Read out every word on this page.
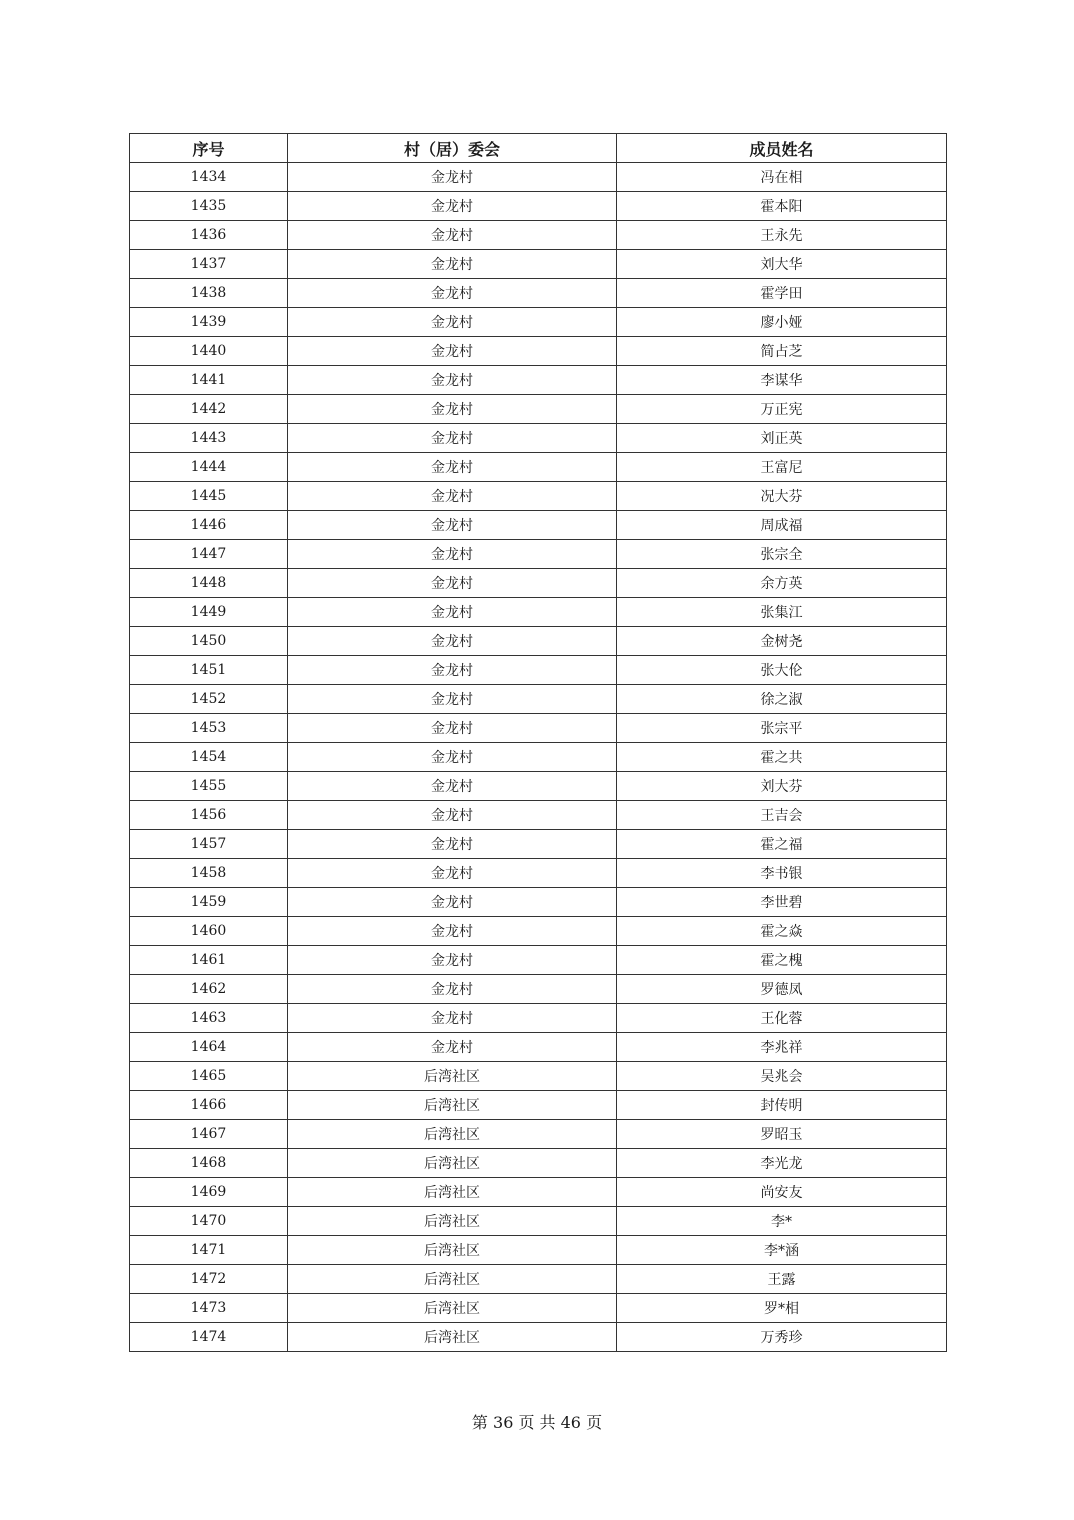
序号	村（居）委会	成员姓名
1434	金龙村	冯在相
1435	金龙村	霍本阳
1436	金龙村	王永先
1437	金龙村	刘大华
1438	金龙村	霍学田
1439	金龙村	廖小娅
1440	金龙村	简占芝
1441	金龙村	李谋华
1442	金龙村	万正宪
1443	金龙村	刘正英
1444	金龙村	王富尼
1445	金龙村	况大芬
1446	金龙村	周成福
1447	金龙村	张宗全
1448	金龙村	余方英
1449	金龙村	张集江
1450	金龙村	金树尧
1451	金龙村	张大伦
1452	金龙村	徐之淑
1453	金龙村	张宗平
1454	金龙村	霍之共
1455	金龙村	刘大芬
1456	金龙村	王吉会
1457	金龙村	霍之福
1458	金龙村	李书银
1459	金龙村	李世碧
1460	金龙村	霍之焱
1461	金龙村	霍之槐
1462	金龙村	罗德凤
1463	金龙村	王化蓉
1464	金龙村	李兆祥
1465	后湾社区	吴兆会
1466	后湾社区	封传明
1467	后湾社区	罗昭玉
1468	后湾社区	李光龙
1469	后湾社区	尚安友
1470	后湾社区	李*
1471	后湾社区	李*涵
1472	后湾社区	王露
1473	后湾社区	罗*相
1474	后湾社区	万秀珍
第 36 页 共 46 页
